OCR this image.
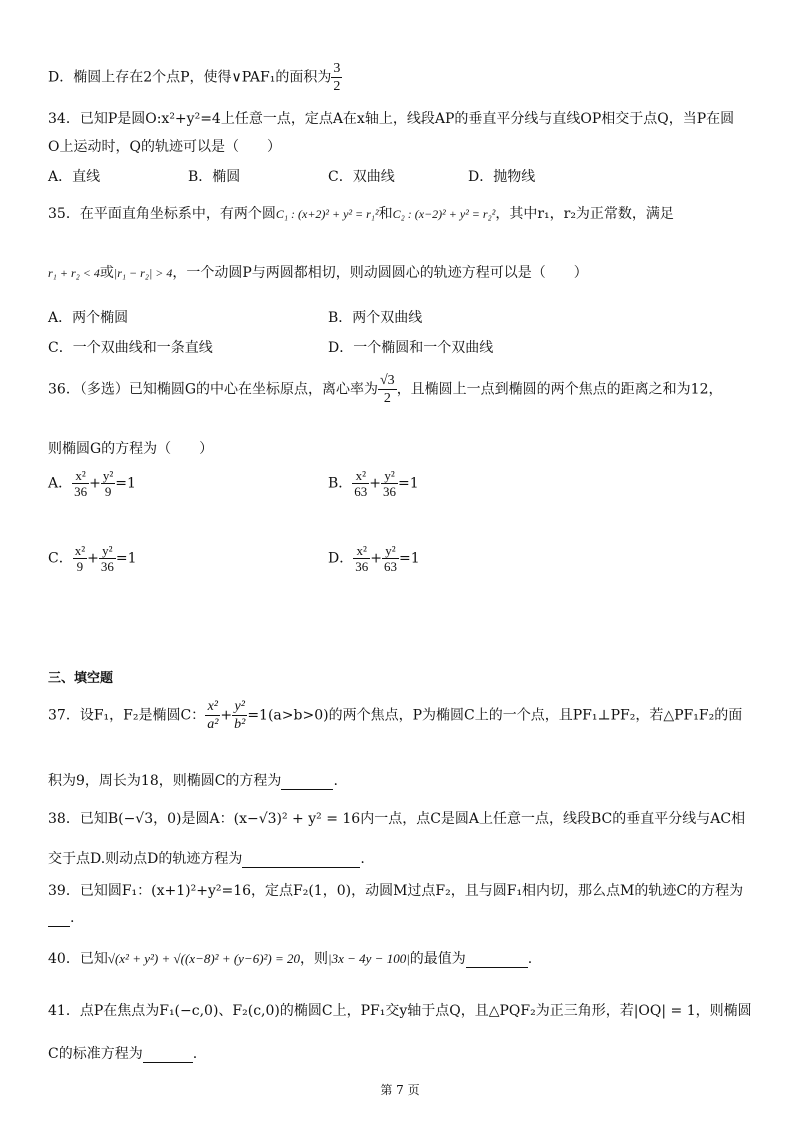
D．椭圆上存在2个点P，使得∨PAF₁的面积为 $\frac{3}{2}$
34．已知P是圆O:x²+y²=4上任意一点，定点A在x轴上，线段AP的垂直平分线与直线OP相交于点Q，当P在圆
O上运动时，Q的轨迹可以是（　　）
A．直线	B．椭圆	C．双曲线	D．抛物线
35．在平面直角坐标系中，有两个圆C₁ : (x+2)² + y² = r₁²和C₂ : (x−2)² + y² = r₂²，其中r₁，r₂为正常数，满足
r₁ + r₂ < 4或|r₁ − r₂| > 4，一个动圆P与两圆都相切，则动圆圆心的轨迹方程可以是（　　）
A．两个椭圆	B．两个双曲线
C．一个双曲线和一条直线	D．一个椭圆和一个双曲线
36．（多选）已知椭圆G的中心在坐标原点，离心率为 $\frac{√3}{2}$ ，且椭圆上一点到椭圆的两个焦点的距离之和为12，
则椭圆G的方程为（　　）
A． $\frac{\text{x²}}{36} + \frac{\text{y²}}{9} =1$	B． $\frac{\text{x²}}{63} + \frac{\text{y²}}{36} =1$
C． $\frac{\text{x²}}{9} + \frac{\text{y²}}{36} =1$	D． $\frac{\text{x²}}{36} + \frac{\text{y²}}{63} =1$
三、填空题
37．设F₁，F₂是椭圆C： $\frac{\text{x²}}{\text{a²}} + \frac{\text{y²}}{\text{b²}} =1(a>b>0)$的两个焦点，P为椭圆C上的一个点，且PF₁⊥PF₂，若△PF₁F₂的面
积为9，周长为18，则椭圆C的方程为	.
38．已知B(−√3，0)是圆A：(x−√3)² + y² = 16内一点，点C是圆A上任意一点，线段BC的垂直平分线与AC相
交于点D.则动点D的轨迹方程为	.
39．已知圆F₁：(x+1)²+y²=16，定点F₂(1，0)，动圆M过点F₂，且与圆F₁相内切，那么点M的轨迹C的方程为
.
40．已知√(x² + y²) + √((x−8)² + (y−6)²) = 20，则|3x − 4y − 100|的最值为	.
41．点P在焦点为F₁(−c,0)、F₂(c,0)的椭圆C上，PF₁交y轴于点Q，且△PQF₂为正三角形，若|OQ| = 1，则椭圆
C的标准方程为	.
第 7 页
